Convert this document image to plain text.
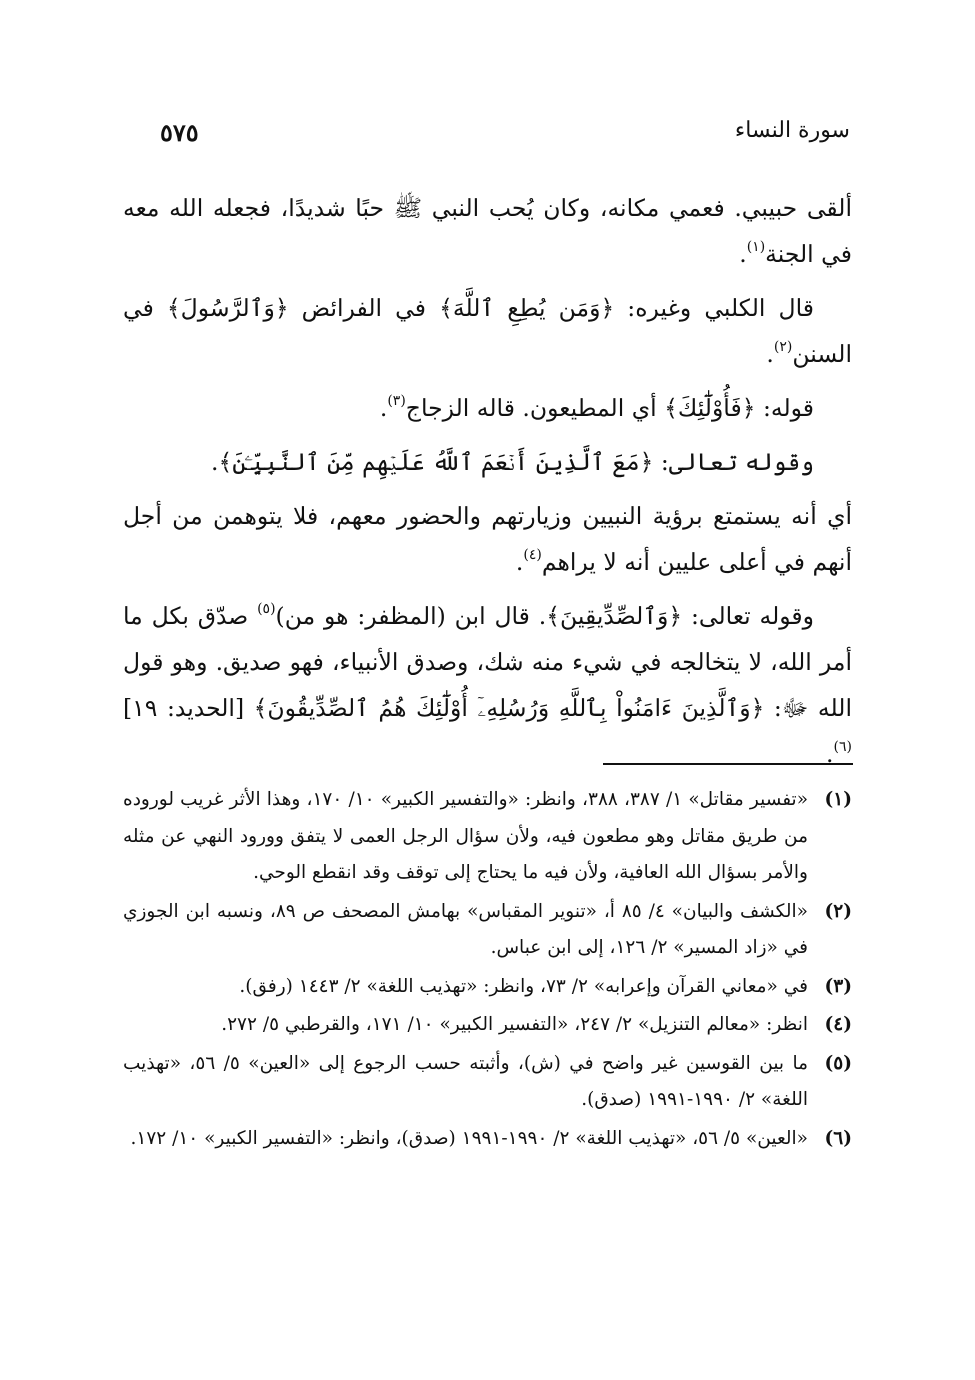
سورة النساء
٥٧٥

ألقى حبيبي. فعمي مكانه، وكان يُحب النبي ﷺ حبًا شديدًا، فجعله الله معه في الجنة$^{(١)}$.

قال الكلبي وغيره: ﴿وَمَن يُطِعِ ٱللَّهَ﴾ في الفرائض ﴿وَٱلرَّسُولَ﴾ في السنن$^{(٢)}$.

قوله: ﴿فَأُوْلَٰٓئِكَ﴾ أي المطيعون. قاله الزجاج$^{(٣)}$.

وقوله تعالى: ﴿مَعَ ٱلَّذِينَ أَنۡعَمَ ٱللَّهُ عَلَيۡهِم مِّنَ ٱلنَّبِيِّـۧنَ﴾.

أي أنه يستمتع برؤية النبيين وزيارتهم والحضور معهم، فلا يتوهمن من أجل أنهم في أعلى عليين أنه لا يراهم$^{(٤)}$.

وقوله تعالى: ﴿وَٱلصِّدِّيقِينَ﴾. قال ابن (المظفر: هو من)$^{(٥)}$ صدّق بكل ما أمر الله، لا يتخالجه في شيء منه شك، وصدق الأنبياء، فهو صديق. وهو قول الله ﷻ: ﴿وَٱلَّذِينَ ءَامَنُواْ بِٱللَّهِ وَرُسُلِهِۦٓ أُوْلَٰٓئِكَ هُمُ ٱلصِّدِّيقُونَ﴾ [الحديد: ١٩]$^{(٦)}$.

(١)
«تفسير مقاتل» ١/ ٣٨٧، ٣٨٨، وانظر: «والتفسير الكبير» ١٠/ ١٧٠، وهذا الأثر غريب لوروده من طريق مقاتل وهو مطعون فيه، ولأن سؤال الرجل العمى لا يتفق وورود النهي عن مثله والأمر بسؤال الله العافية، ولأن فيه ما يحتاج إلى توقف وقد انقطع الوحي.
(٢)
«الكشف والبيان» ٤/ ٨٥ أ، «تنوير المقباس» بهامش المصحف ص ٨٩، ونسبه ابن الجوزي في «زاد المسير» ٢/ ١٢٦، إلى ابن عباس.
(٣)
في «معاني القرآن وإعرابه» ٢/ ٧٣، وانظر: «تهذيب اللغة» ٢/ ١٤٤٣ (رفق).
(٤)
انظر: «معالم التنزيل» ٢/ ٢٤٧، «التفسير الكبير» ١٠/ ١٧١، والقرطبي ٥/ ٢٧٢.
(٥)
ما بين القوسين غير واضح في (ش)، وأثبته حسب الرجوع إلى «العين» ٥/ ٥٦، «تهذيب اللغة» ٢/ ١٩٩٠-١٩٩١ (صدق).
(٦)
«العين» ٥/ ٥٦، «تهذيب اللغة» ٢/ ١٩٩٠-١٩٩١ (صدق)، وانظر: «التفسير الكبير» ١٠/ ١٧٢.
